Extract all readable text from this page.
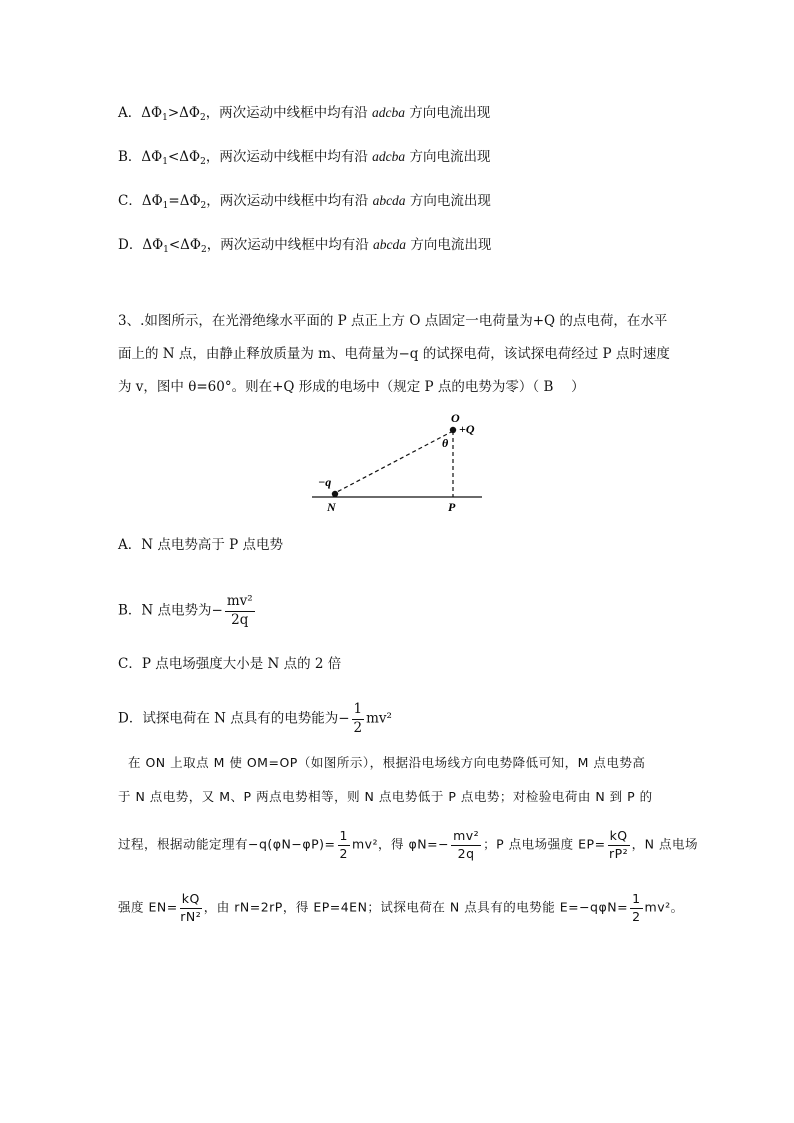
A．$\Delta\Phi_1>\Delta\Phi_2$，两次运动中线框中均有沿 adcba 方向电流出现
B．$\Delta\Phi_1<\Delta\Phi_2$，两次运动中线框中均有沿 adcba 方向电流出现
C．$\Delta\Phi_1=\Delta\Phi_2$，两次运动中线框中均有沿 abcda 方向电流出现
D．$\Delta\Phi_1<\Delta\Phi_2$，两次运动中线框中均有沿 abcda 方向电流出现
3、.如图所示，在光滑绝缘水平面的 P 点正上方 O 点固定一电荷量为+Q 的点电荷，在水平
面上的 N 点，由静止释放质量为 m、电荷量为−q 的试探电荷，该试探电荷经过 P 点时速度
为 v，图中 θ=60°。则在+Q 形成的电场中（规定 P 点的电势为零）（ B　 ）
O
+Q
θ
−q
N	P
A．N 点电势高于 P 点电势
B．N 点电势为− $\frac{\text{mv²}}{2q}$
C．P 点电场强度大小是 N 点的 2 倍
D．试探电荷在 N 点具有的电势能为− $\frac{1}{2} mv^2$
在 ON 上取点 M 使 OM=OP（如图所示），根据沿电场线方向电势降低可知，M 点电势高
于 N 点电势，又 M、P 两点电势相等，则 N 点电势低于 P 点电势；对检验电荷由 N 到 P 的
过程，根据动能定理有$-q(\varphi N-\varphi P)= \frac{1}{2} mv^2$，得 $\varphi N=- \frac{\text{mv²}}{2q}$ ；P 点电场强度 $EP= \frac{kQ}{\text{rP²}}$ ，N 点电场
强度 $EN= \frac{kQ}{\text{rN²}}$ ，由 rN=2rP，得 EP=4EN；试探电荷在 N 点具有的电势能 $E=-q\varphi N= \frac{1}{2} mv^2$。
